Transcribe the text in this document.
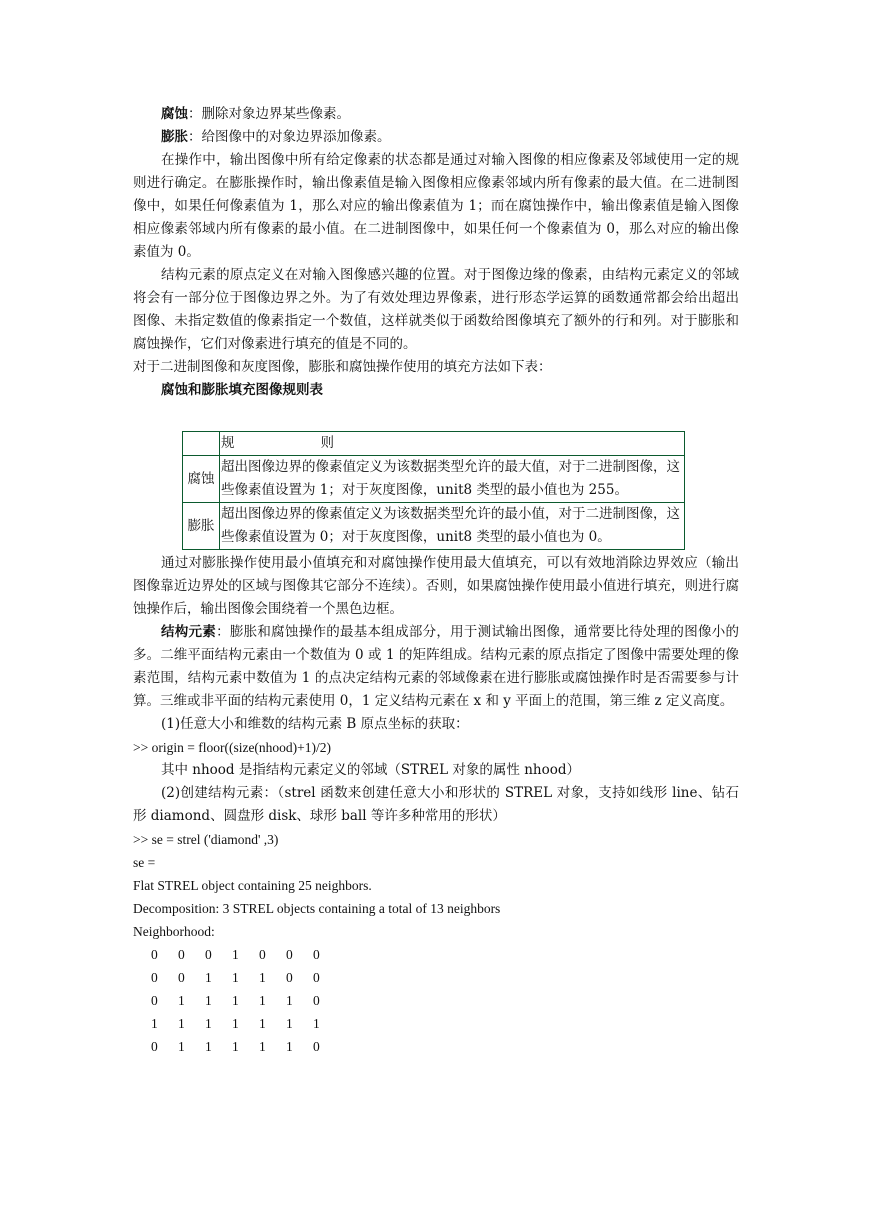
腐蚀：删除对象边界某些像素。

膨胀：给图像中的对象边界添加像素。

在操作中，输出图像中所有给定像素的状态都是通过对输入图像的相应像素及邻域使用一定的规则进行确定。在膨胀操作时，输出像素值是输入图像相应像素邻域内所有像素的最大值。在二进制图像中，如果任何像素值为 1，那么对应的输出像素值为 1；而在腐蚀操作中，输出像素值是输入图像相应像素邻域内所有像素的最小值。在二进制图像中，如果任何一个像素值为 0，那么对应的输出像素值为 0。

结构元素的原点定义在对输入图像感兴趣的位置。对于图像边缘的像素，由结构元素定义的邻域将会有一部分位于图像边界之外。为了有效处理边界像素，进行形态学运算的函数通常都会给出超出图像、未指定数值的像素指定一个数值，这样就类似于函数给图像填充了额外的行和列。对于膨胀和腐蚀操作，它们对像素进行填充的值是不同的。

对于二进制图像和灰度图像，膨胀和腐蚀操作使用的填充方法如下表：

腐蚀和膨胀填充图像规则表

	规 则
腐蚀	超出图像边界的像素值定义为该数据类型允许的最大值，对于二进制图像，这些像素值设置为 1；对于灰度图像，unit8 类型的最小值也为 255。
膨胀	超出图像边界的像素值定义为该数据类型允许的最小值，对于二进制图像，这些像素值设置为 0；对于灰度图像，unit8 类型的最小值也为 0。

通过对膨胀操作使用最小值填充和对腐蚀操作使用最大值填充，可以有效地消除边界效应（输出图像靠近边界处的区域与图像其它部分不连续）。否则，如果腐蚀操作使用最小值进行填充，则进行腐蚀操作后，输出图像会围绕着一个黑色边框。

结构元素：膨胀和腐蚀操作的最基本组成部分，用于测试输出图像，通常要比待处理的图像小的多。二维平面结构元素由一个数值为 0 或 1 的矩阵组成。结构元素的原点指定了图像中需要处理的像素范围，结构元素中数值为 1 的点决定结构元素的邻域像素在进行膨胀或腐蚀操作时是否需要参与计算。三维或非平面的结构元素使用 0，1 定义结构元素在 x 和 y 平面上的范围，第三维 z 定义高度。

(1)任意大小和维数的结构元素 B 原点坐标的获取：

>> origin = floor((size(nhood)+1)/2)

其中 nhood 是指结构元素定义的邻域（STREL 对象的属性 nhood）

(2)创建结构元素：（strel 函数来创建任意大小和形状的 STREL 对象，支持如线形 line、钻石形 diamond、圆盘形 disk、球形 ball 等许多种常用的形状）

>> se = strel ('diamond' ,3)

se =

Flat STREL object containing 25 neighbors.

Decomposition: 3 STREL objects containing a total of 13 neighbors

Neighborhood:

0 0 0 1 0 0 0
0 0 1 1 1 0 0
0 1 1 1 1 1 0
1 1 1 1 1 1 1
0 1 1 1 1 1 0
